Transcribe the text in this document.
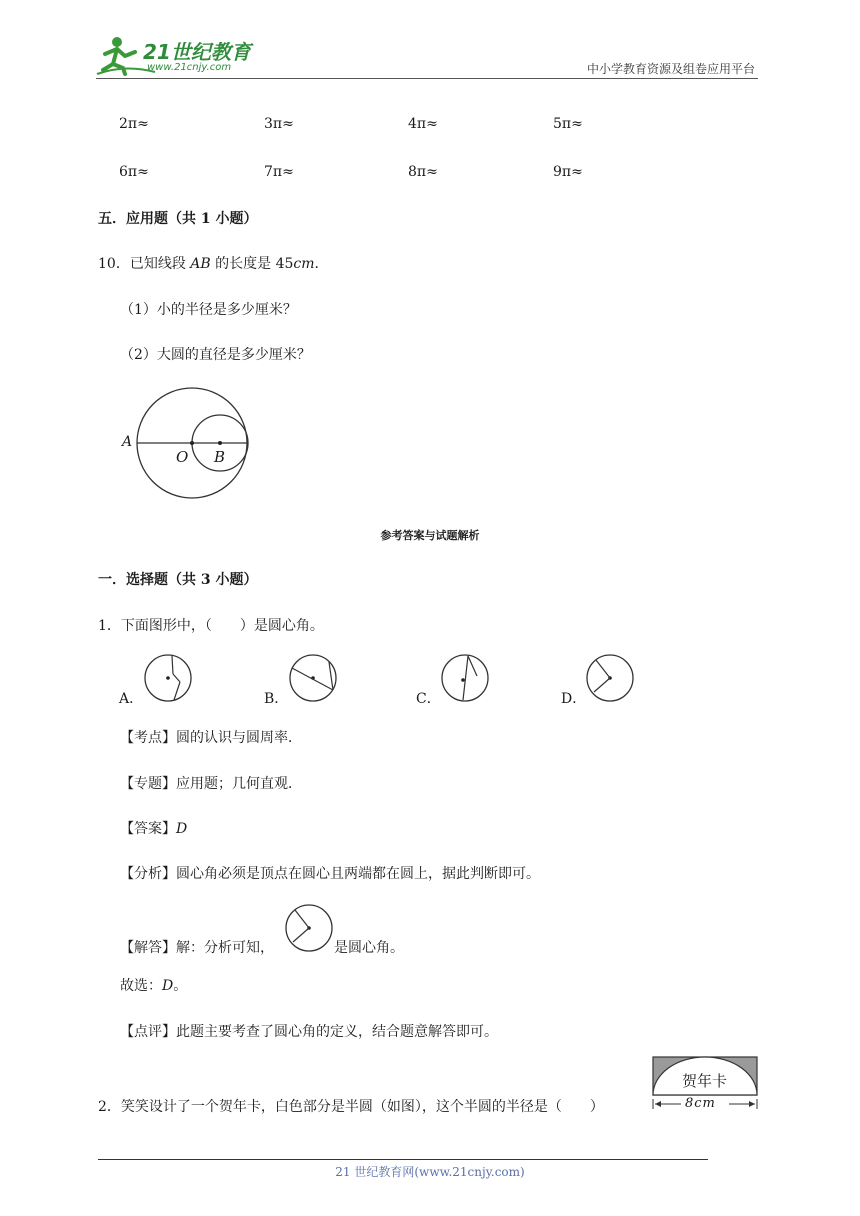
21世纪教育
www.21cnjy.com	中小学教育资源及组卷应用平台
2π≈	3π≈	4π≈	5π≈
6π≈	7π≈	8π≈	9π≈
五．应用题（共 1 小题）
10．已知线段 AB 的长度是 45cm．
（1）小的半径是多少厘米？
（2）大圆的直径是多少厘米？
A
O B
参考答案与试题解析
一．选择题（共 3 小题）
1．下面图形中，（　　）是圆心角。
A．	B．	C．	D．
【考点】圆的认识与圆周率．
【专题】应用题；几何直观．
【答案】D
【分析】圆心角必须是顶点在圆心且两端都在圆上，据此判断即可。
【解答】解：分析可知，	是圆心角。
故选：D。
【点评】此题主要考查了圆心角的定义，结合题意解答即可。
2．笑笑设计了一个贺年卡，白色部分是半圆（如图），这个半圆的半径是（　　）
贺年卡
8cm
21 世纪教育网(www.21cnjy.com)
